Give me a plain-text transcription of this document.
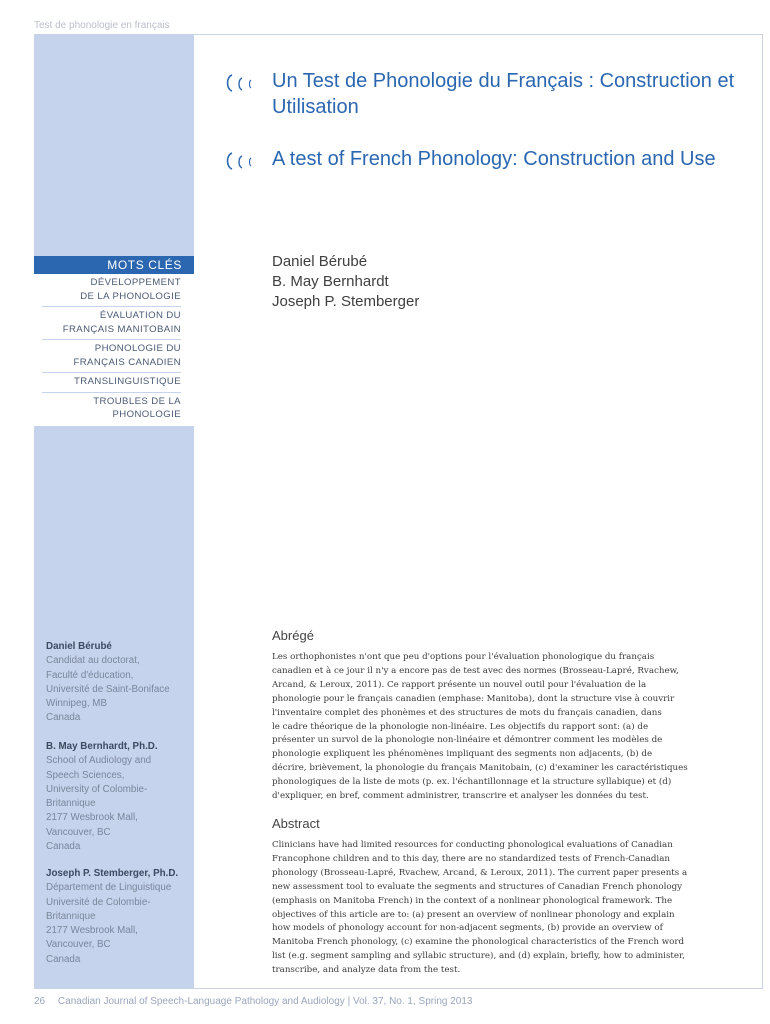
Test de phonologie en français
MOTS CLÉS
DÉVELOPPEMENT
DE LA PHONOLOGIE
ÉVALUATION DU
FRANÇAIS MANITOBAIN
PHONOLOGIE DU
FRANÇAIS CANADIEN
TRANSLINGUISTIQUE
TROUBLES DE LA
PHONOLOGIE
Un Test de Phonologie du Français : Construction et Utilisation
A test of French Phonology: Construction and Use
Daniel Bérubé
B. May Bernhardt
Joseph P. Stemberger
Abrégé

Les orthophonistes n'ont que peu d'options pour l'évaluation phonologique du français
canadien et à ce jour il n'y a encore pas de test avec des normes (Brosseau-Lapré, Rvachew,
Arcand, & Leroux, 2011). Ce rapport présente un nouvel outil pour l'évaluation de la
phonologie pour le français canadien (emphase: Manitoba), dont la structure vise à couvrir
l'inventaire complet des phonèmes et des structures de mots du français canadien, dans
le cadre théorique de la phonologie non-linéaire. Les objectifs du rapport sont: (a) de
présenter un survol de la phonologie non-linéaire et démontrer comment les modèles de
phonologie expliquent les phénomènes impliquant des segments non adjacents, (b) de
décrire, brièvement, la phonologie du français Manitobain, (c) d'examiner les caractéristiques
phonologiques de la liste de mots (p. ex. l'échantillonnage et la structure syllabique) et (d)
d'expliquer, en bref, comment administrer, transcrire et analyser les données du test.

Abstract

Clinicians have had limited resources for conducting phonological evaluations of Canadian
Francophone children and to this day, there are no standardized tests of French-Canadian
phonology (Brosseau-Lapré, Rvachew, Arcand, & Leroux, 2011). The current paper presents a
new assessment tool to evaluate the segments and structures of Canadian French phonology
(emphasis on Manitoba French) in the context of a nonlinear phonological framework. The
objectives of this article are to: (a) present an overview of nonlinear phonology and explain
how models of phonology account for non-adjacent segments, (b) provide an overview of
Manitoba French phonology, (c) examine the phonological characteristics of the French word
list (e.g. segment sampling and syllabic structure), and (d) explain, briefly, how to administer,
transcribe, and analyze data from the test.

Daniel Bérubé
Candidat au doctorat,
Faculté d'éducation,
Université de Saint-Boniface
Winnipeg, MB
Canada
B. May Bernhardt, Ph.D.
School of Audiology and
Speech Sciences,
University of Colombie-
Britannique
2177 Wesbrook Mall,
Vancouver, BC
Canada
Joseph P. Stemberger, Ph.D.
Département de Linguistique
Université de Colombie-
Britannique
2177 Wesbrook Mall,
Vancouver, BC
Canada
26 Canadian Journal of Speech-Language Pathology and Audiology | Vol. 37, No. 1, Spring 2013
